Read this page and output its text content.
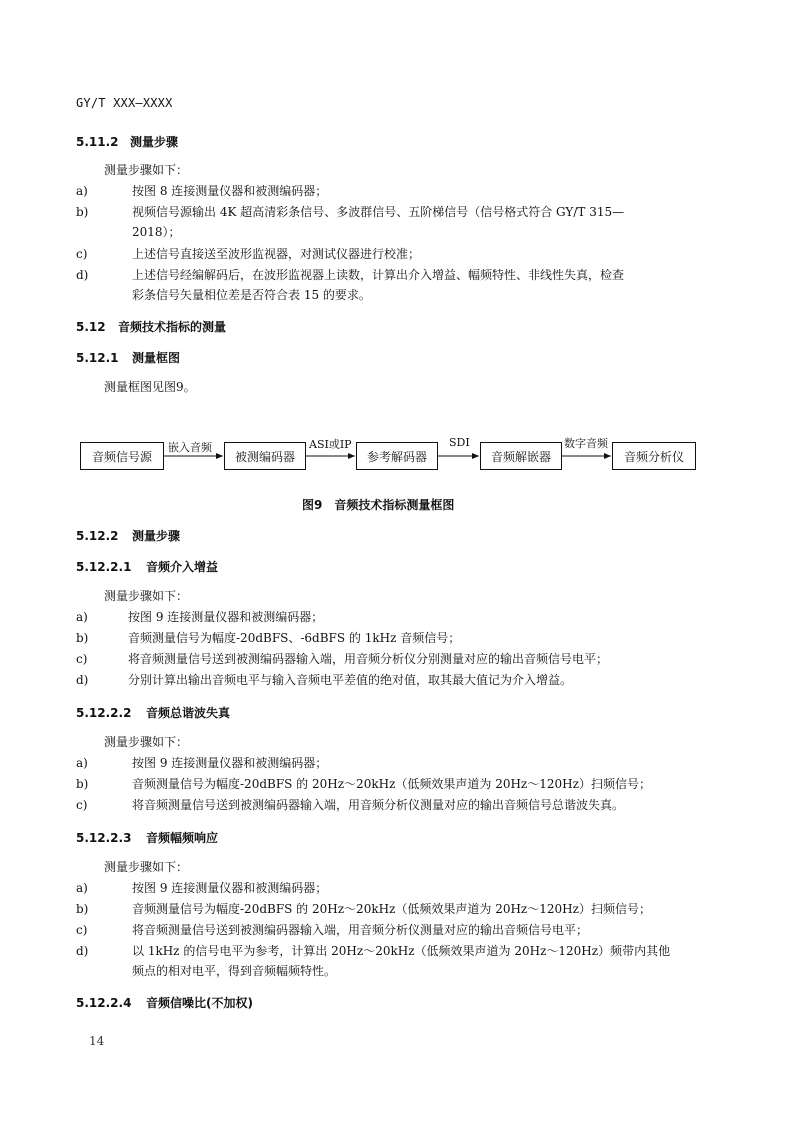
GY/T XXX—XXXX
5.11.2 测量步骤
测量步骤如下：
a)	按图 8 连接测量仪器和被测编码器；
b)	视频信号源输出 4K 超高清彩条信号、多波群信号、五阶梯信号（信号格式符合 GY/T 315—
2018）；
c)	上述信号直接送至波形监视器，对测试仪器进行校准；
d)	上述信号经编解码后，在波形监视器上读数，计算出介入增益、幅频特性、非线性失真，检查
彩条信号矢量相位差是否符合表 15 的要求。
5.12 音频技术指标的测量
5.12.1 测量框图
测量框图见图9。
音频信号源	被测编码器	参考解码器	音频解嵌器	音频分析仪
嵌入音频	ASI或IP	SDI	数字音频
图9　音频技术指标测量框图
5.12.2 测量步骤
5.12.2.1 音频介入增益
测量步骤如下：
a)	按图 9 连接测量仪器和被测编码器；
b)	音频测量信号为幅度-20dBFS、-6dBFS 的 1kHz 音频信号；
c)	将音频测量信号送到被测编码器输入端，用音频分析仪分别测量对应的输出音频信号电平；
d)	分别计算出输出音频电平与输入音频电平差值的绝对值，取其最大值记为介入增益。
5.12.2.2 音频总谐波失真
测量步骤如下：
a)	按图 9 连接测量仪器和被测编码器；
b)	音频测量信号为幅度-20dBFS 的 20Hz～20kHz（低频效果声道为 20Hz～120Hz）扫频信号；
c)	将音频测量信号送到被测编码器输入端，用音频分析仪测量对应的输出音频信号总谐波失真。
5.12.2.3 音频幅频响应
测量步骤如下：
a)	按图 9 连接测量仪器和被测编码器；
b)	音频测量信号为幅度-20dBFS 的 20Hz～20kHz（低频效果声道为 20Hz～120Hz）扫频信号；
c)	将音频测量信号送到被测编码器输入端，用音频分析仪测量对应的输出音频信号电平；
d)	以 1kHz 的信号电平为参考，计算出 20Hz～20kHz（低频效果声道为 20Hz～120Hz）频带内其他
频点的相对电平，得到音频幅频特性。
5.12.2.4 音频信噪比(不加权)
14
